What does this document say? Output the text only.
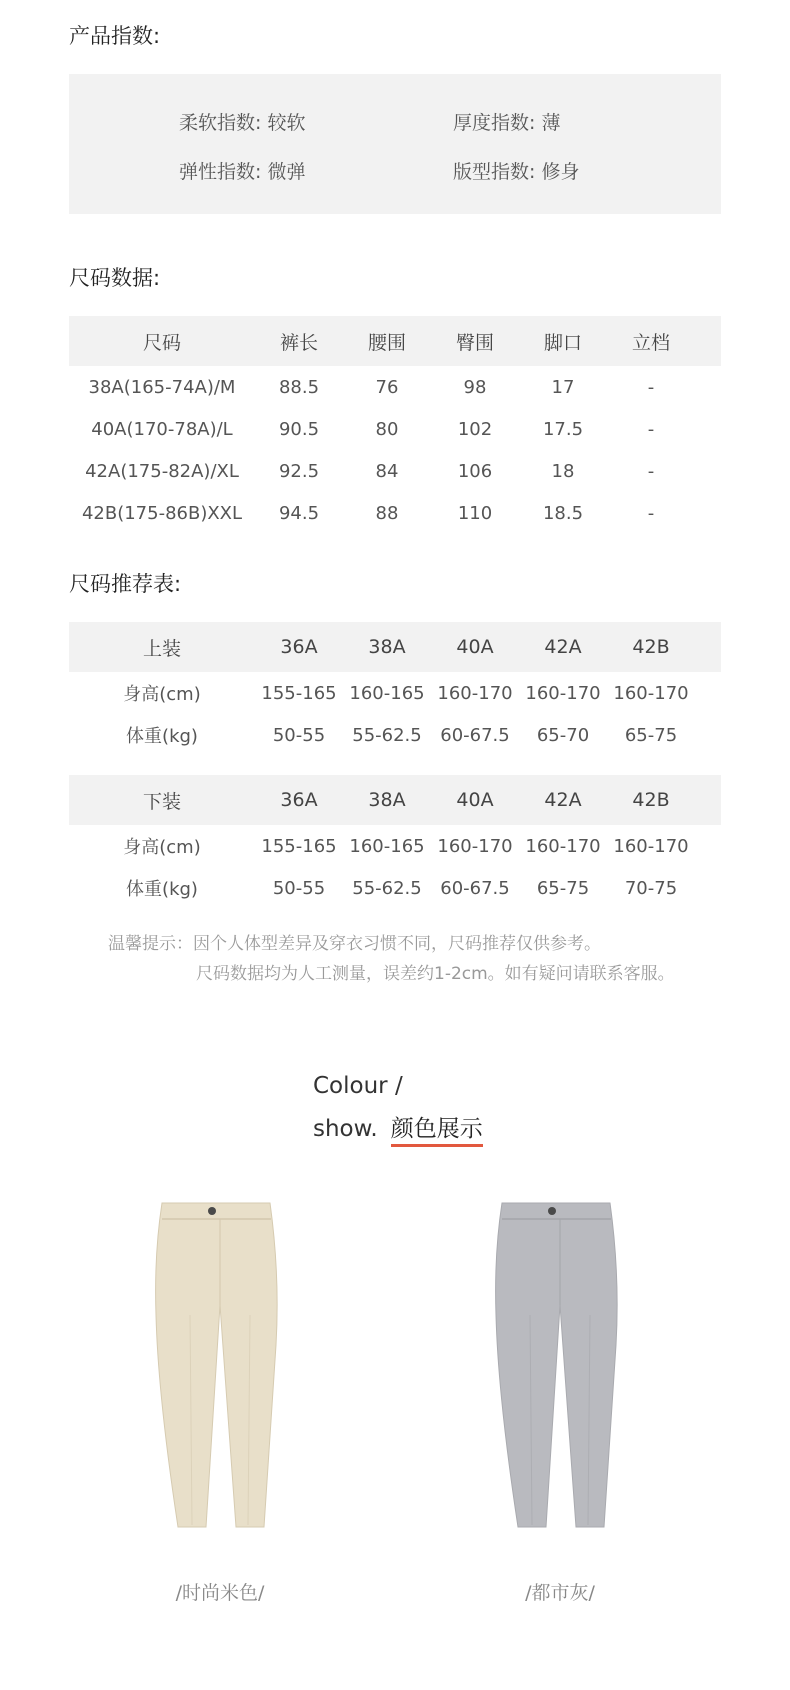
产品指数:
柔软指数: 较软	厚度指数: 薄
弹性指数: 微弹	版型指数: 修身
尺码数据:
尺码	裤长	腰围	臀围	脚口	立档
38A(165-74A)/M	88.5	76	98	17	-
40A(170-78A)/L	90.5	80	102	17.5	-
42A(175-82A)/XL	92.5	84	106	18	-
42B(175-86B)XXL	94.5	88	110	18.5	-
尺码推荐表:
上装	36A	38A	40A	42A	42B
身高(cm)	155-165 160-165 160-170 160-170 160-170
体重(kg)	50-55	55-62.5	60-67.5	65-70	65-75
下装	36A	38A	40A	42A	42B
身高(cm)	155-165 160-165 160-170 160-170 160-170
体重(kg)	50-55	55-62.5	60-67.5	65-75	70-75
温馨提示：因个人体型差异及穿衣习惯不同，尺码推荐仅供参考。
尺码数据均为人工测量，误差约1-2cm。如有疑问请联系客服。
Colour /
show. 颜色展示
/时尚米色/	/都市灰/
